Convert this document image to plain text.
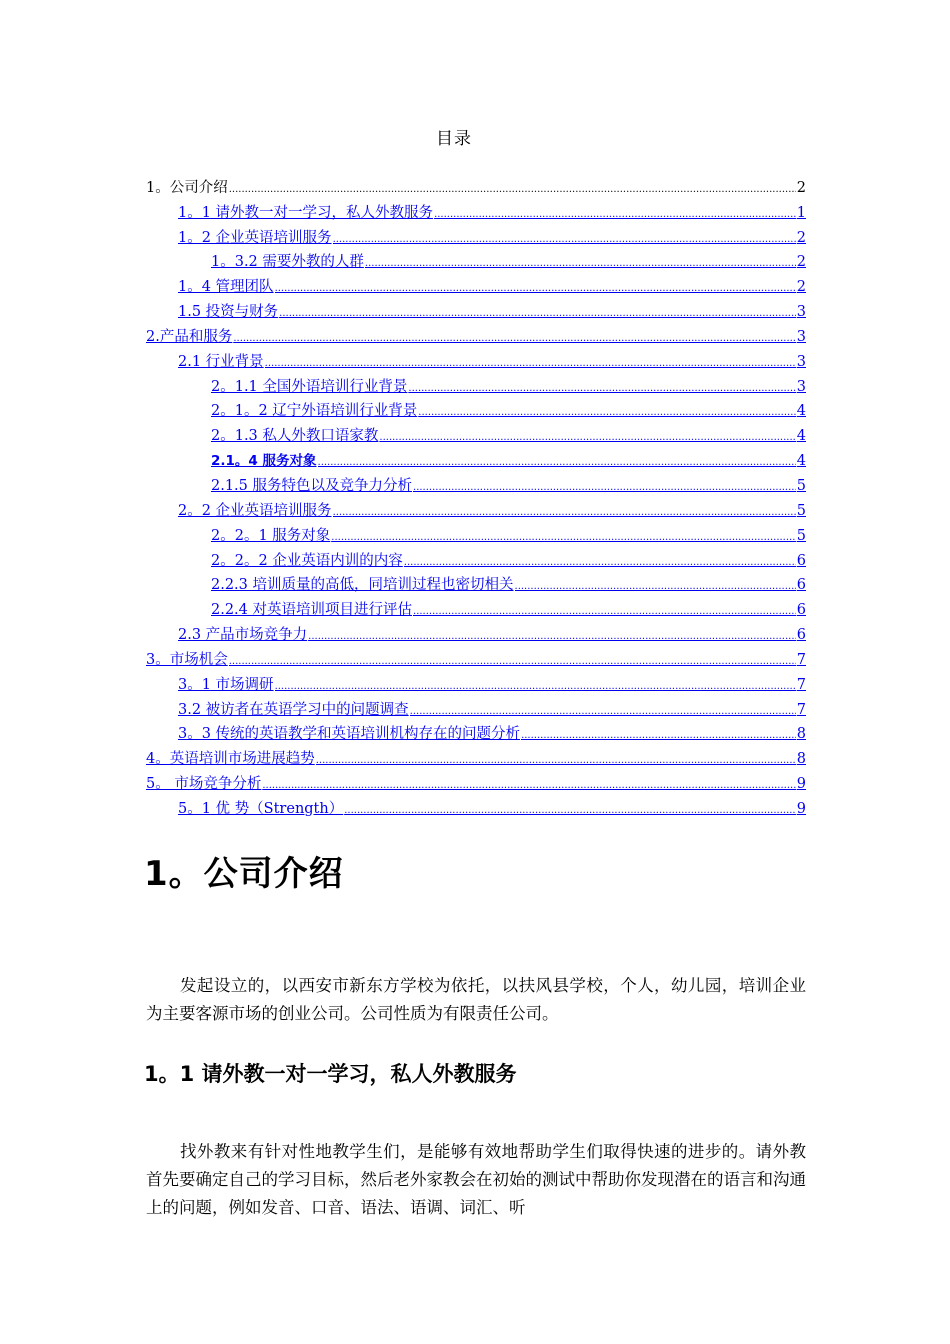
目录
1。公司介绍 .....	2
1。1 请外教一对一学习，私人外教服务 .....	1
1。2 企业英语培训服务 .....	2
1。3.2 需要外教的人群 .....	2
1。4 管理团队 .....	2
1.5 投资与财务 .....	3
2.产品和服务 .....	3
2.1 行业背景 .....	3
2。1.1 全国外语培训行业背景 .....	3
2。1。2 辽宁外语培训行业背景 .....	4
2。1.3 私人外教口语家教 .....	4
2.1。4 服务对象 .....	4
2.1.5 服务特色以及竞争力分析 .....	5
2。2 企业英语培训服务 .....	5
2。2。1 服务对象 .....	5
2。2。2 企业英语内训的内容 .....	6
2.2.3 培训质量的高低，同培训过程也密切相关 .....	6
2.2.4 对英语培训项目进行评估 .....	6
2.3 产品市场竞争力 .....	6
3。市场机会 .....	7
3。1 市场调研 .....	7
3.2 被访者在英语学习中的问题调查 .....	7
3。3 传统的英语教学和英语培训机构存在的问题分析 .....	8
4。英语培训市场进展趋势 .....	8
5。 市场竞争分析 .....	9
5。1 优 势（Strength） .....	9
1。公司介绍
发起设立的，以西安市新东方学校为依托，以扶风县学校，个人，幼儿园，培训企业为主要客源市场的创业公司。公司性质为有限责任公司。
1。1 请外教一对一学习，私人外教服务
找外教来有针对性地教学生们，是能够有效地帮助学生们取得快速的进步的。请外教首先要确定自己的学习目标，然后老外家教会在初始的测试中帮助你发现潜在的语言和沟通上的问题，例如发音、口音、语法、语调、词汇、听
